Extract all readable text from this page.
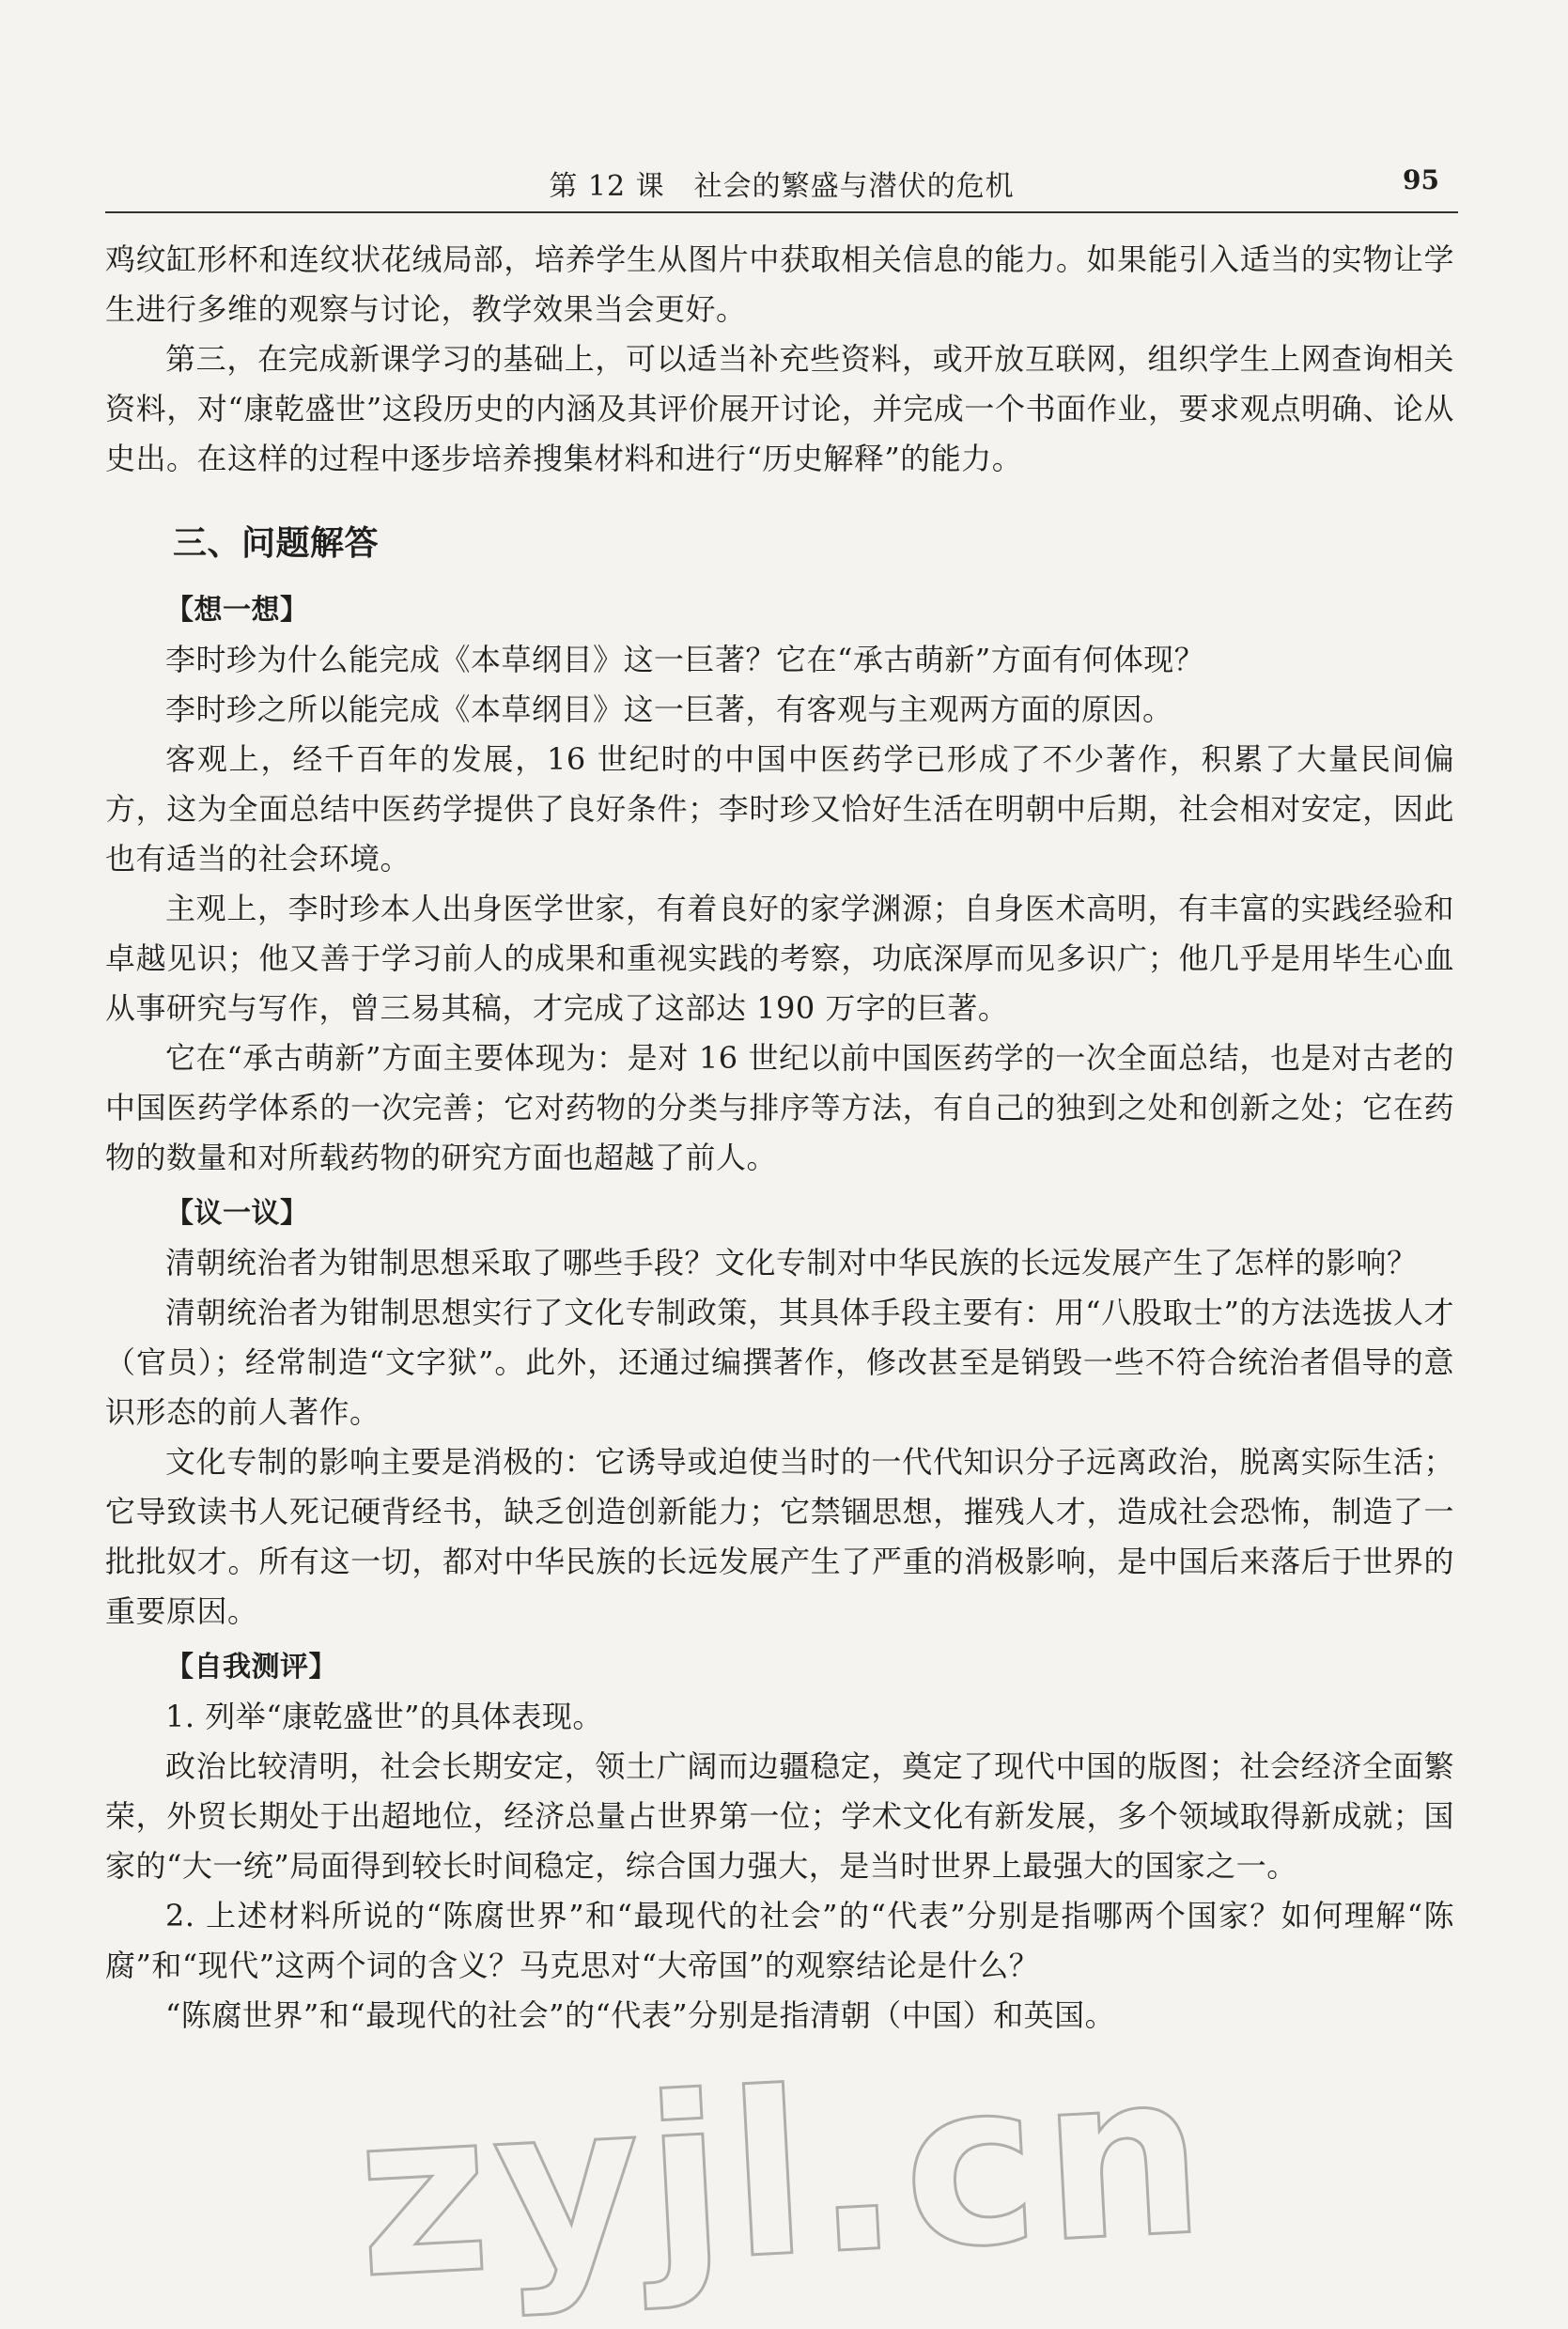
第 12 课　社会的繁盛与潜伏的危机	95

鸡纹缸形杯和连纹状花绒局部，培养学生从图片中获取相关信息的能力。如果能引入适当的实物让学生进行多维的观察与讨论，教学效果当会更好。

第三，在完成新课学习的基础上，可以适当补充些资料，或开放互联网，组织学生上网查询相关资料，对“康乾盛世”这段历史的内涵及其评价展开讨论，并完成一个书面作业，要求观点明确、论从史出。在这样的过程中逐步培养搜集材料和进行“历史解释”的能力。

三、问题解答
【想一想】

李时珍为什么能完成《本草纲目》这一巨著？它在“承古萌新”方面有何体现？

李时珍之所以能完成《本草纲目》这一巨著，有客观与主观两方面的原因。

客观上，经千百年的发展，16 世纪时的中国中医药学已形成了不少著作，积累了大量民间偏方，这为全面总结中医药学提供了良好条件；李时珍又恰好生活在明朝中后期，社会相对安定，因此也有适当的社会环境。

主观上，李时珍本人出身医学世家，有着良好的家学渊源；自身医术高明，有丰富的实践经验和卓越见识；他又善于学习前人的成果和重视实践的考察，功底深厚而见多识广；他几乎是用毕生心血从事研究与写作，曾三易其稿，才完成了这部达 190 万字的巨著。

它在“承古萌新”方面主要体现为：是对 16 世纪以前中国医药学的一次全面总结，也是对古老的中国医药学体系的一次完善；它对药物的分类与排序等方法，有自己的独到之处和创新之处；它在药物的数量和对所载药物的研究方面也超越了前人。

【议一议】

清朝统治者为钳制思想采取了哪些手段？文化专制对中华民族的长远发展产生了怎样的影响？

清朝统治者为钳制思想实行了文化专制政策，其具体手段主要有：用“八股取士”的方法选拔人才（官员）；经常制造“文字狱”。此外，还通过编撰著作，修改甚至是销毁一些不符合统治者倡导的意识形态的前人著作。

文化专制的影响主要是消极的：它诱导或迫使当时的一代代知识分子远离政治，脱离实际生活；它导致读书人死记硬背经书，缺乏创造创新能力；它禁锢思想，摧残人才，造成社会恐怖，制造了一批批奴才。所有这一切，都对中华民族的长远发展产生了严重的消极影响，是中国后来落后于世界的重要原因。

【自我测评】

1. 列举“康乾盛世”的具体表现。

政治比较清明，社会长期安定，领土广阔而边疆稳定，奠定了现代中国的版图；社会经济全面繁荣，外贸长期处于出超地位，经济总量占世界第一位；学术文化有新发展，多个领域取得新成就；国家的“大一统”局面得到较长时间稳定，综合国力强大，是当时世界上最强大的国家之一。

2. 上述材料所说的“陈腐世界”和“最现代的社会”的“代表”分别是指哪两个国家？如何理解“陈腐”和“现代”这两个词的含义？马克思对“大帝国”的观察结论是什么？

“陈腐世界”和“最现代的社会”的“代表”分别是指清朝（中国）和英国。

zyjl.cn
